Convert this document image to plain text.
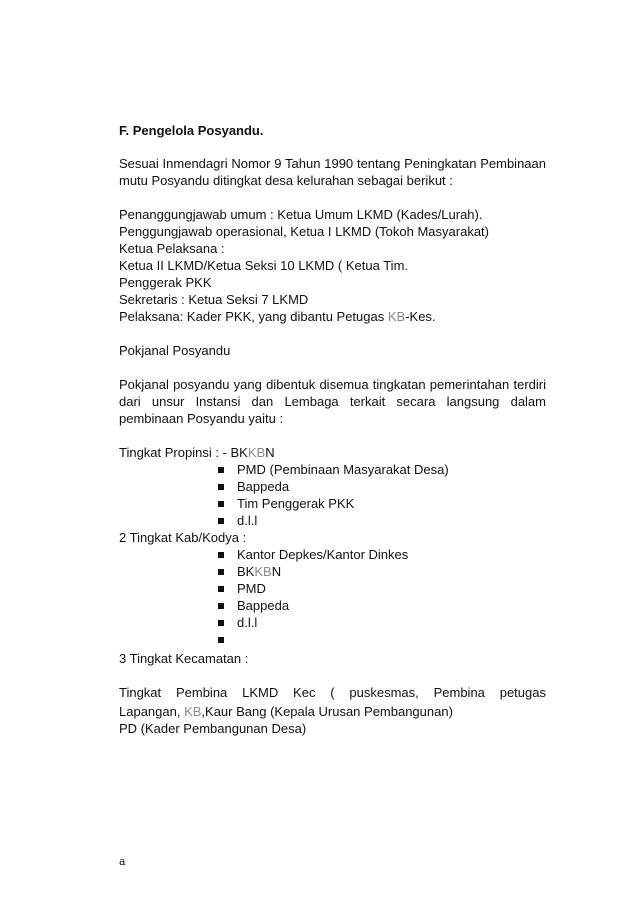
F. Pengelola Posyandu.
Sesuai Inmendagri Nomor 9 Tahun 1990 tentang Peningkatan Pembinaan
mutu Posyandu ditingkat desa kelurahan sebagai berikut :
Penanggungjawab umum : Ketua Umum LKMD (Kades/Lurah).
Penggungjawab operasional, Ketua I LKMD (Tokoh Masyarakat)
Ketua Pelaksana :
Ketua II LKMD/Ketua Seksi 10 LKMD ( Ketua Tim.
Penggerak PKK
Sekretaris : Ketua Seksi 7 LKMD
Pelaksana: Kader PKK, yang dibantu Petugas KB-Kes.
Pokjanal Posyandu
Pokjanal posyandu yang dibentuk disemua tingkatan pemerintahan terdiri
dari unsur Instansi dan Lembaga terkait secara langsung dalam
pembinaan Posyandu yaitu :
Tingkat Propinsi : - BKKBN
PMD (Pembinaan Masyarakat Desa)
Bappeda
Tim Penggerak PKK
d.l.l
2 Tingkat Kab/Kodya :
Kantor Depkes/Kantor Dinkes
BKKBN
PMD
Bappeda
d.l.l
3 Tingkat Kecamatan :
Tingkat Pembina LKMD Kec ( puskesmas, Pembina petugas
Lapangan, KB,Kaur Bang (Kepala Urusan Pembangunan)
PD (Kader Pembangunan Desa)
a
